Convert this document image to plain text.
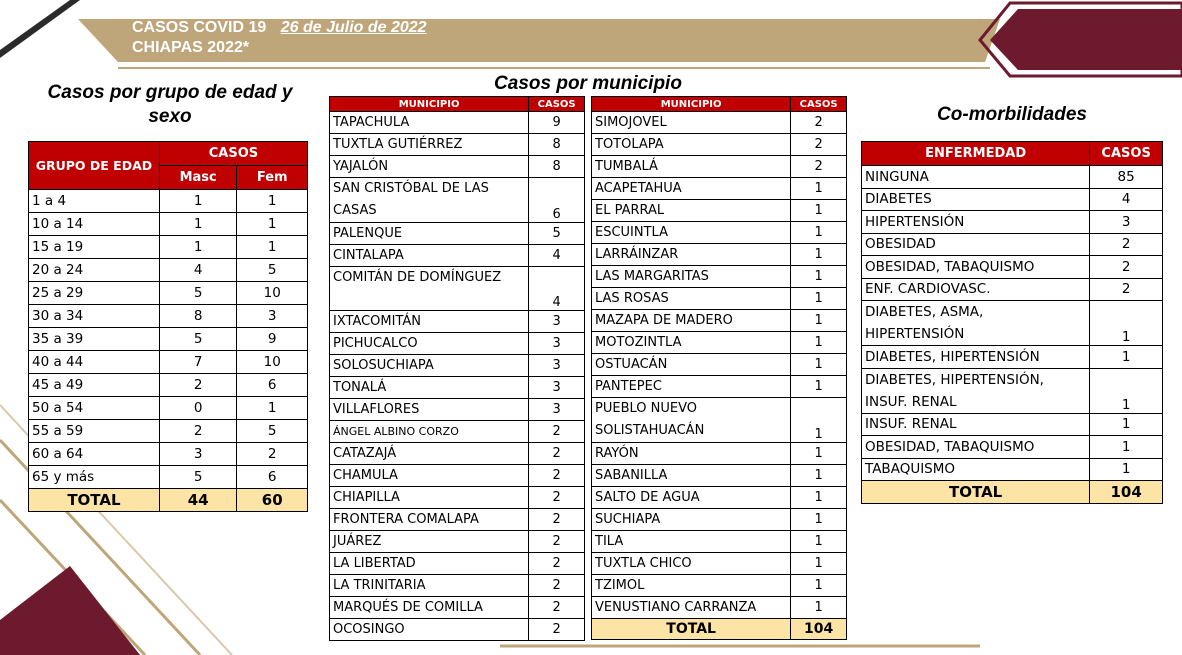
CASOS COVID 19 26 de Julio de 2022
CHIAPAS 2022*
Casos por grupo de edad y
sexo
GRUPO DE EDAD	CASOS	
	Masc	Fem
1 a 4	1	1
10 a 14	1	1
15 a 19	1	1
20 a 24	4	5
25 a 29	5	10
30 a 34	8	3
35 a 39	5	9
40 a 44	7	10
45 a 49	2	6
50 a 54	0	1
55 a 59	2	5
60 a 64	3	2
65 y más	5	6
TOTAL	44	60
Casos por municipio
MUNICIPIO	CASOS
TAPACHULA	9
TUXTLA GUTIÉRREZ	8
YAJALÓN	8
SAN CRISTÓBAL DE LAS CASAS	6
PALENQUE	5
CINTALAPA	4
COMITÁN DE DOMÍNGUEZ	4
IXTACOMITÁN	3
PICHUCALCO	3
SOLOSUCHIAPA	3
TONALÁ	3
VILLAFLORES	3
ÁNGEL ALBINO CORZO	2
CATAZAJÁ	2
CHAMULA	2
CHIAPILLA	2
FRONTERA COMALAPA	2
JUÁREZ	2
LA LIBERTAD	2
LA TRINITARIA	2
MARQUÉS DE COMILLA	2
OCOSINGO	2
MUNICIPIO	CASOS
SIMOJOVEL	2
TOTOLAPA	2
TUMBALÁ	2
ACAPETAHUA	1
EL PARRAL	1
ESCUINTLA	1
LARRÁINZAR	1
LAS MARGARITAS	1
LAS ROSAS	1
MAZAPA DE MADERO	1
MOTOZINTLA	1
OSTUACÁN	1
PANTEPEC	1
PUEBLO NUEVO SOLISTAHUACÁN	1
RAYÓN	1
SABANILLA	1
SALTO DE AGUA	1
SUCHIAPA	1
TILA	1
TUXTLA CHICO	1
TZIMOL	1
VENUSTIANO CARRANZA	1
TOTAL	104
Co-morbilidades
ENFERMEDAD	CASOS
NINGUNA	85
DIABETES	4
HIPERTENSIÓN	3
OBESIDAD	2
OBESIDAD, TABAQUISMO	2
ENF. CARDIOVASC.	2
DIABETES, ASMA, HIPERTENSIÓN	1
DIABETES, HIPERTENSIÓN	1
DIABETES, HIPERTENSIÓN, INSUF. RENAL	1
INSUF. RENAL	1
OBESIDAD, TABAQUISMO	1
TABAQUISMO	1
TOTAL	104
